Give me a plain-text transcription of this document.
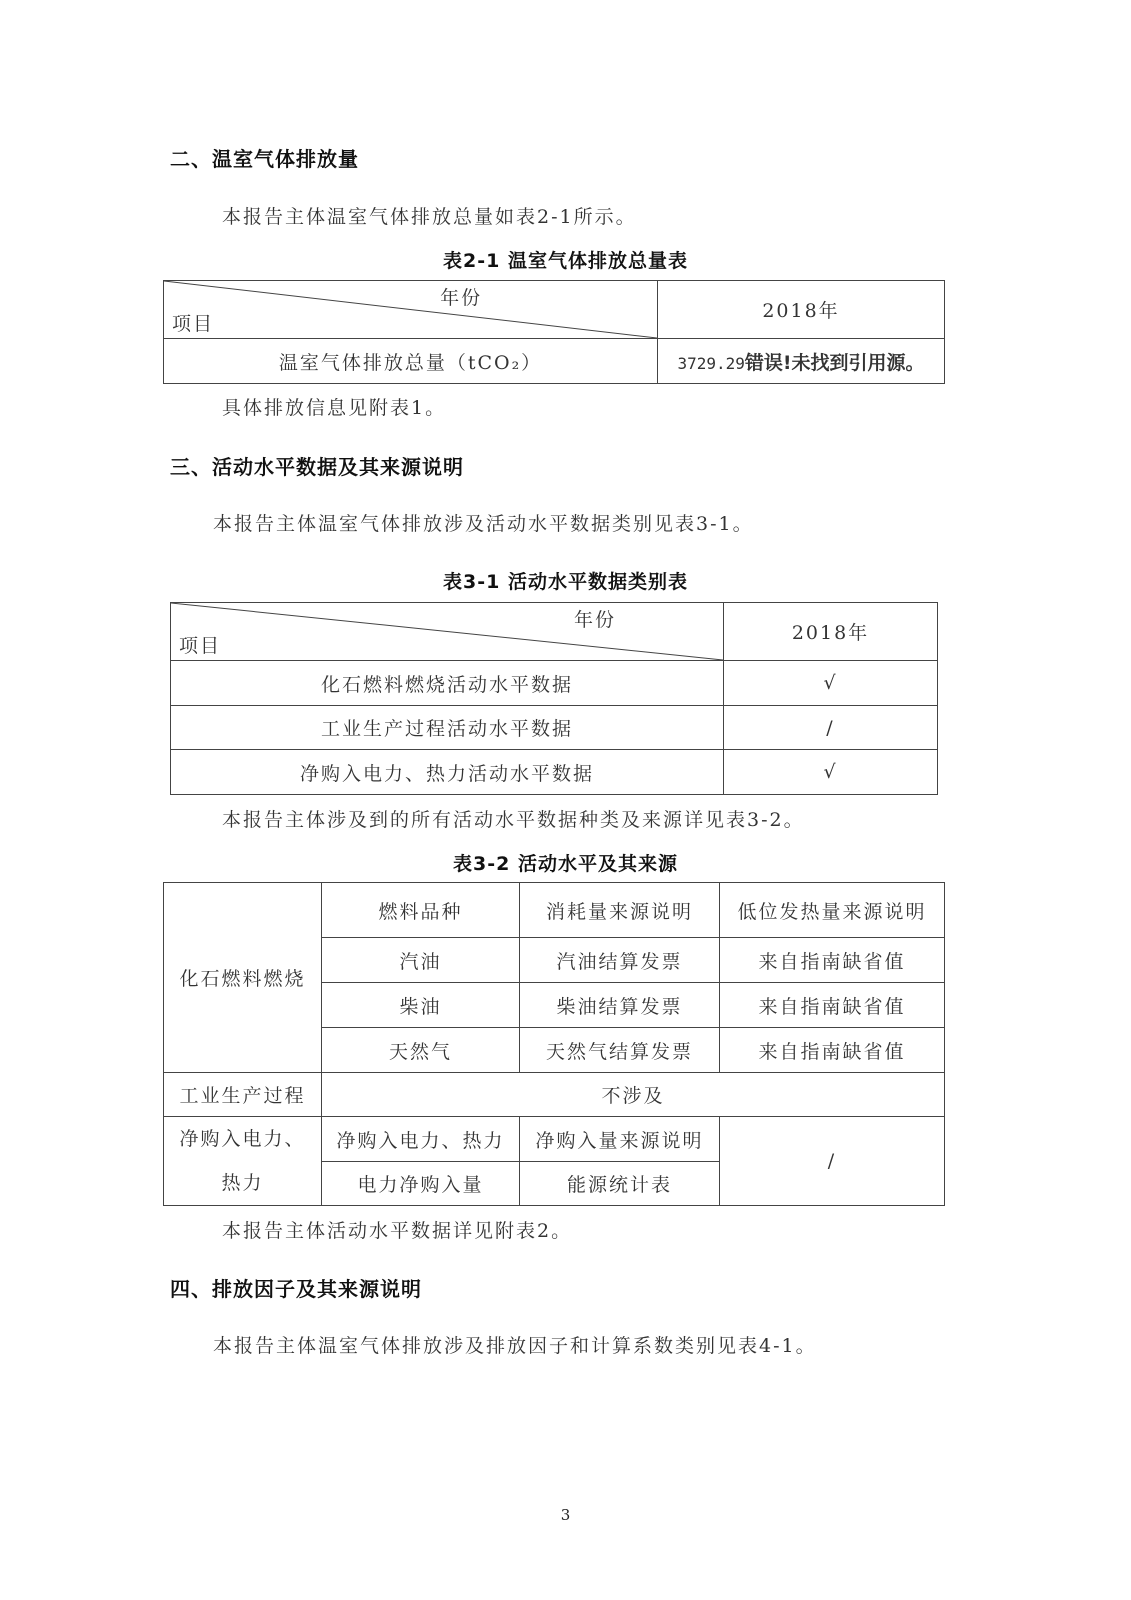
二、温室气体排放量
本报告主体温室气体排放总量如表2-1所示。
表2-1 温室气体排放总量表
年份
项目	2018年
温室气体排放总量（tCO₂）	3729.29错误!未找到引用源。
具体排放信息见附表1。
三、活动水平数据及其来源说明
本报告主体温室气体排放涉及活动水平数据类别见表3-1。
表3-1 活动水平数据类别表
年份
项目	2018年
化石燃料燃烧活动水平数据	√
工业生产过程活动水平数据	/
净购入电力、热力活动水平数据	√
本报告主体涉及到的所有活动水平数据种类及来源详见表3-2。
表3-2 活动水平及其来源
化石燃料燃烧	燃料品种	消耗量来源说明	低位发热量来源说明
	汽油	汽油结算发票	来自指南缺省值
	柴油	柴油结算发票	来自指南缺省值
	天然气	天然气结算发票	来自指南缺省值
工业生产过程	不涉及		

净购入电力、
热力	净购入电力、热力	净购入量来源说明	/
	电力净购入量	能源统计表	
本报告主体活动水平数据详见附表2。
四、排放因子及其来源说明
本报告主体温室气体排放涉及排放因子和计算系数类别见表4-1。
3
